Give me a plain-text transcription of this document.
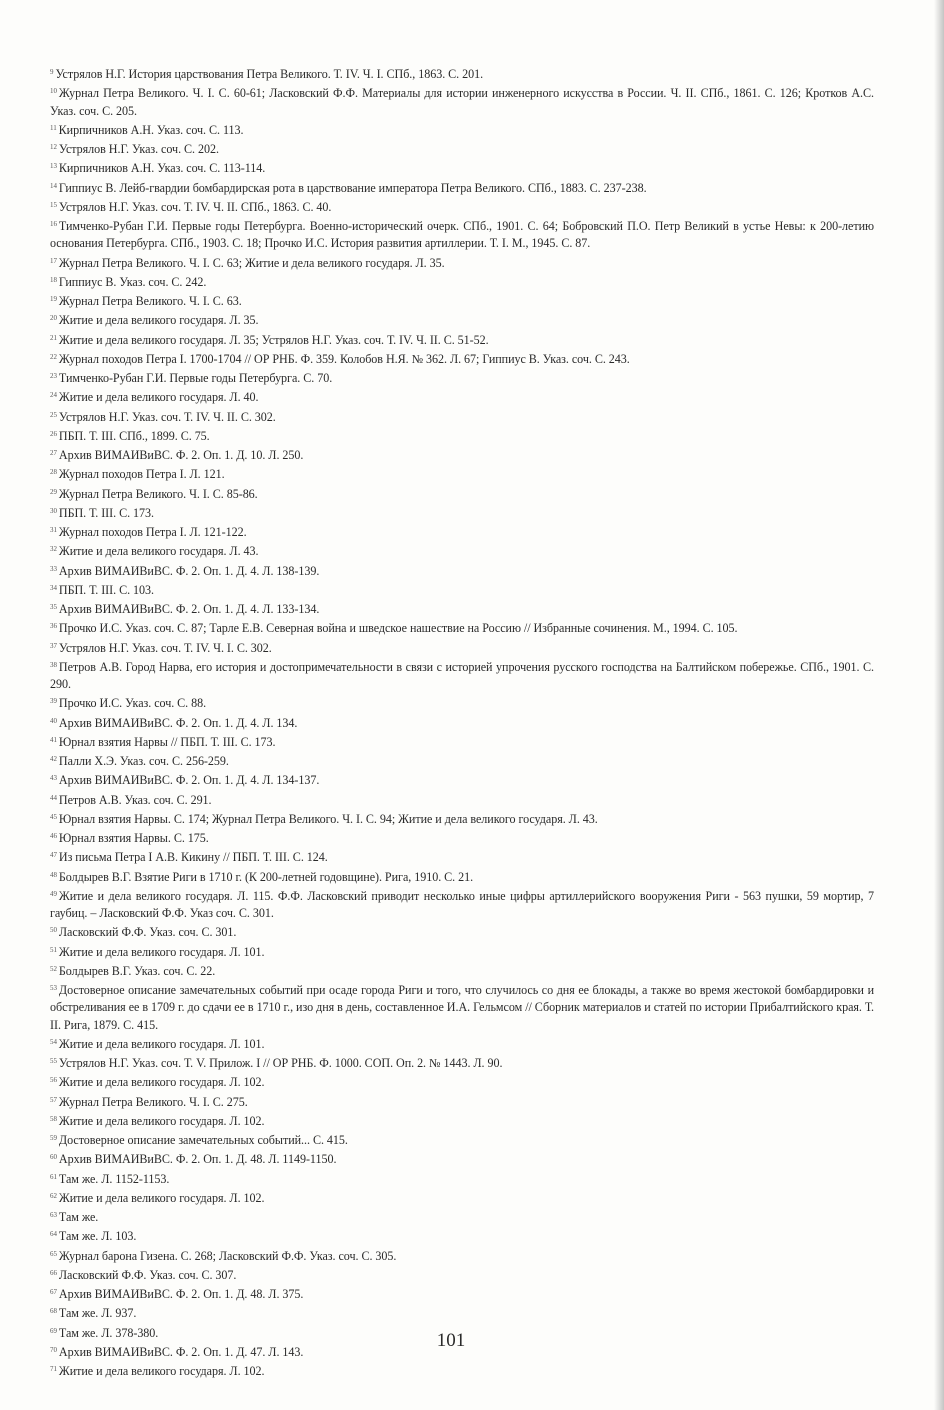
$^9$ Устрялов Н.Г. История царствования Петра Великого. Т. IV. Ч. I. СПб., 1863. С. 201.

$^{10}$ Журнал Петра Великого. Ч. I. С. 60-61; Ласковский Ф.Ф. Материалы для истории инженерного искусства в России. Ч. II. СПб., 1861. С. 126; Кротков А.С. Указ. соч. С. 205.

$^{11}$ Кирпичников А.Н. Указ. соч. С. 113.

$^{12}$ Устрялов Н.Г. Указ. соч. С. 202.

$^{13}$ Кирпичников А.Н. Указ. соч. С. 113-114.

$^{14}$ Гиппиус В. Лейб-гвардии бомбардирская рота в царствование императора Петра Великого. СПб., 1883. С. 237-238.

$^{15}$ Устрялов Н.Г. Указ. соч. Т. IV. Ч. II. СПб., 1863. С. 40.

$^{16}$ Тимченко-Рубан Г.И. Первые годы Петербурга. Военно-исторический очерк. СПб., 1901. С. 64; Бобровский П.О. Петр Великий в устье Невы: к 200-летию основания Петербурга. СПб., 1903. С. 18; Прочко И.С. История развития артиллерии. Т. I. М., 1945. С. 87.

$^{17}$ Журнал Петра Великого. Ч. I. С. 63; Житие и дела великого государя. Л. 35.

$^{18}$ Гиппиус В. Указ. соч. С. 242.

$^{19}$ Журнал Петра Великого. Ч. I. С. 63.

$^{20}$ Житие и дела великого государя. Л. 35.

$^{21}$ Житие и дела великого государя. Л. 35; Устрялов Н.Г. Указ. соч. Т. IV. Ч. II. С. 51-52.

$^{22}$ Журнал походов Петра I. 1700-1704 // ОР РНБ. Ф. 359. Колобов Н.Я. № 362. Л. 67; Гиппиус В. Указ. соч. С. 243.

$^{23}$ Тимченко-Рубан Г.И. Первые годы Петербурга. С. 70.

$^{24}$ Житие и дела великого государя. Л. 40.

$^{25}$ Устрялов Н.Г. Указ. соч. Т. IV. Ч. II. С. 302.

$^{26}$ ПБП. Т. III. СПб., 1899. С. 75.

$^{27}$ Архив ВИМАИВиВС. Ф. 2. Оп. 1. Д. 10. Л. 250.

$^{28}$ Журнал походов Петра I. Л. 121.

$^{29}$ Журнал Петра Великого. Ч. I. С. 85-86.

$^{30}$ ПБП. Т. III. С. 173.

$^{31}$ Журнал походов Петра I. Л. 121-122.

$^{32}$ Житие и дела великого государя. Л. 43.

$^{33}$ Архив ВИМАИВиВС. Ф. 2. Оп. 1. Д. 4. Л. 138-139.

$^{34}$ ПБП. Т. III. С. 103.

$^{35}$ Архив ВИМАИВиВС. Ф. 2. Оп. 1. Д. 4. Л. 133-134.

$^{36}$ Прочко И.С. Указ. соч. С. 87; Тарле Е.В. Северная война и шведское нашествие на Россию // Избранные сочинения. М., 1994. С. 105.

$^{37}$ Устрялов Н.Г. Указ. соч. Т. IV. Ч. I. С. 302.

$^{38}$ Петров А.В. Город Нарва, его история и достопримечательности в связи с историей упрочения русского господства на Балтийском побережье. СПб., 1901. С. 290.

$^{39}$ Прочко И.С. Указ. соч. С. 88.

$^{40}$ Архив ВИМАИВиВС. Ф. 2. Оп. 1. Д. 4. Л. 134.

$^{41}$ Юрнал взятия Нарвы // ПБП. Т. III. С. 173.

$^{42}$ Палли Х.Э. Указ. соч. С. 256-259.

$^{43}$ Архив ВИМАИВиВС. Ф. 2. Оп. 1. Д. 4. Л. 134-137.

$^{44}$ Петров А.В. Указ. соч. С. 291.

$^{45}$ Юрнал взятия Нарвы. С. 174; Журнал Петра Великого. Ч. I. С. 94; Житие и дела великого государя. Л. 43.

$^{46}$ Юрнал взятия Нарвы. С. 175.

$^{47}$ Из письма Петра I А.В. Кикину // ПБП. Т. III. С. 124.

$^{48}$ Болдырев В.Г. Взятие Риги в 1710 г. (К 200-летней годовщине). Рига, 1910. С. 21.

$^{49}$ Житие и дела великого государя. Л. 115. Ф.Ф. Ласковский приводит несколько иные цифры артиллерийского вооружения Риги - 563 пушки, 59 мортир, 7 гаубиц. – Ласковский Ф.Ф. Указ соч. С. 301.

$^{50}$ Ласковский Ф.Ф. Указ. соч. С. 301.

$^{51}$ Житие и дела великого государя. Л. 101.

$^{52}$ Болдырев В.Г. Указ. соч. С. 22.

$^{53}$ Достоверное описание замечательных событий при осаде города Риги и того, что случилось со дня ее блокады, а также во время жестокой бомбардировки и обстреливания ее в 1709 г. до сдачи ее в 1710 г., изо дня в день, составленное И.А. Гельмсом // Сборник материалов и статей по истории Прибалтийского края. Т. II. Рига, 1879. С. 415.

$^{54}$ Житие и дела великого государя. Л. 101.

$^{55}$ Устрялов Н.Г. Указ. соч. Т. V. Прилож. I // ОР РНБ. Ф. 1000. СОП. Оп. 2. № 1443. Л. 90.

$^{56}$ Житие и дела великого государя. Л. 102.

$^{57}$ Журнал Петра Великого. Ч. I. С. 275.

$^{58}$ Житие и дела великого государя. Л. 102.

$^{59}$ Достоверное описание замечательных событий... С. 415.

$^{60}$ Архив ВИМАИВиВС. Ф. 2. Оп. 1. Д. 48. Л. 1149-1150.

$^{61}$ Там же. Л. 1152-1153.

$^{62}$ Житие и дела великого государя. Л. 102.

$^{63}$ Там же.

$^{64}$ Там же. Л. 103.

$^{65}$ Журнал барона Гизена. С. 268; Ласковский Ф.Ф. Указ. соч. С. 305.

$^{66}$ Ласковский Ф.Ф. Указ. соч. С. 307.

$^{67}$ Архив ВИМАИВиВС. Ф. 2. Оп. 1. Д. 48. Л. 375.

$^{68}$ Там же. Л. 937.

$^{69}$ Там же. Л. 378-380.

$^{70}$ Архив ВИМАИВиВС. Ф. 2. Оп. 1. Д. 47. Л. 143.

$^{71}$ Житие и дела великого государя. Л. 102.

101
